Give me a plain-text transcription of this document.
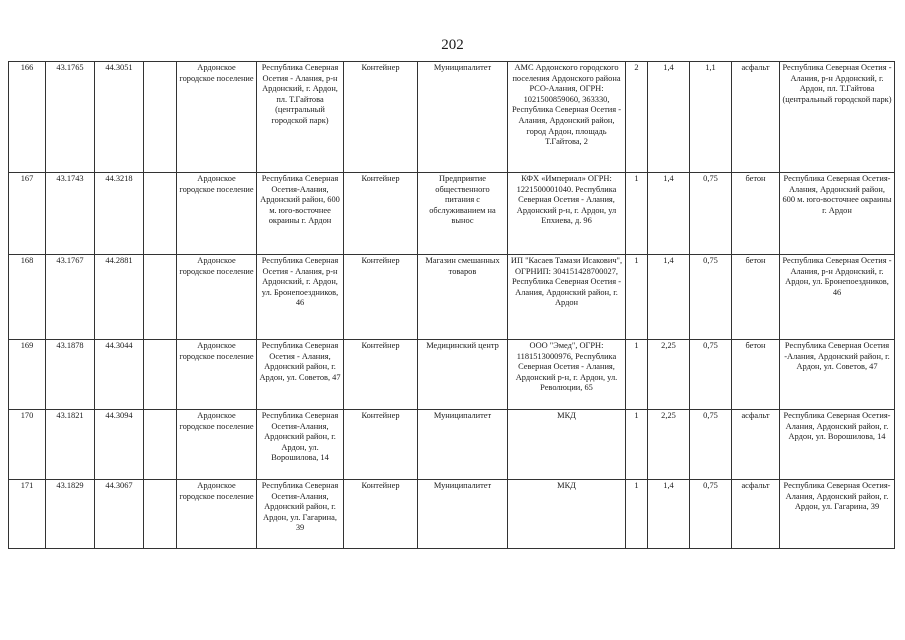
202
166	43.1765	44.3051		Ардонское городское поселение	Республика Северная Осетия - Алания, р-н Ардонский, г. Ардон, пл. Т.Гайтова (центральный городской парк)	Контейнер	Муниципалитет	АМС Ардонского городского поселения Ардонского района РСО-Алания, ОГРН: 1021500859060, 363330, Республика Северная Осетия - Алания, Ардонский район, город Ардон, площадь Т.Гайтова, 2	2	1,4	1,1	асфальт	Республика Северная Осетия - Алания, р-н Ардонский, г. Ардон, пл. Т.Гайтова (центральный городской парк)
167	43.1743	44.3218		Ардонское городское поселение	Республика Северная Осетия-Алания, Ардонский район, 600 м. юго-восточнее окраины г. Ардон	Контейнер	Предприятие общественного питания с обслуживанием на вынос	КФХ «Империал» ОГРН: 1221500001040. Республика Северная Осетия - Алания, Ардонский р-н, г. Ардон, ул Епхиева, д. 96	1	1,4	0,75	бетон	Республика Северная Осетия-Алания, Ардонский район, 600 м. юго-восточнее окраины г. Ардон
168	43.1767	44.2881		Ардонское городское поселение	Республика Северная Осетия - Алания, р-н Ардонский, г. Ардон, ул. Бронепоездников, 46	Контейнер	Магазин смешанных товаров	ИП "Касаев Тамази Исакович", ОГРНИП: 304151428700027, Республика Северная Осетия - Алания, Ардонский район, г. Ардон	1	1,4	0,75	бетон	Республика Северная Осетия - Алания, р-н Ардонский, г. Ардон, ул. Бронепоездников, 46
169	43.1878	44.3044		Ардонское городское поселение	Республика Северная Осетия - Алания, Ардонский район, г. Ардон, ул. Советов, 47	Контейнер	Медицинский центр	ООО "Эмед", ОГРН: 1181513000976, Республика Северная Осетия - Алания, Ардонский р-н, г. Ардон, ул. Революции, 65	1	2,25	0,75	бетон	Республика Северная Осетия -Алания, Ардонский район, г. Ардон, ул. Советов, 47
170	43.1821	44.3094		Ардонское городское поселение	Республика Северная Осетия-Алания, Ардонский район, г. Ардон, ул. Ворошилова, 14	Контейнер	Муниципалитет	МКД	1	2,25	0,75	асфальт	Республика Северная Осетия-Алания, Ардонский район, г. Ардон, ул. Ворошилова, 14
171	43.1829	44.3067		Ардонское городское поселение	Республика Северная Осетия-Алания, Ардонский район, г. Ардон, ул. Гагарина, 39	Контейнер	Муниципалитет	МКД	1	1,4	0,75	асфальт	Республика Северная Осетия-Алания, Ардонский район, г. Ардон, ул. Гагарина, 39
